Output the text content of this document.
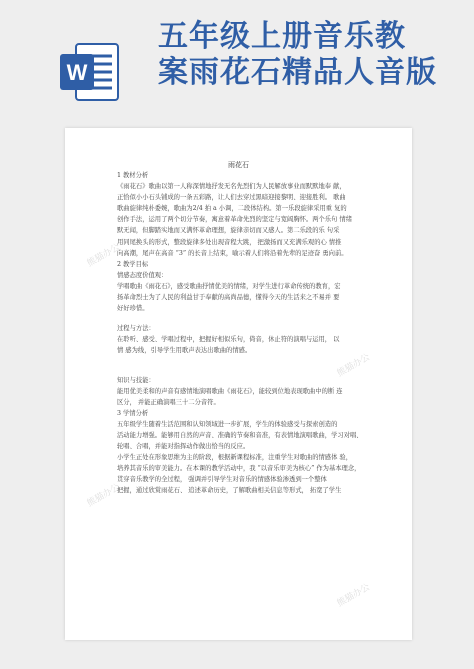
W
五年级上册音乐教
案雨花石精品人音版
雨花石

1 教材分析

《雨花石》歌曲以第一人称深情地抒发无名先烈们为人民解放事业而默默地奉 献，

正恰似小小石头铺成的一条五彩路，让人们去穿过黑暗迎接黎明、迎接胜利。 歌曲

歌曲旋律纯朴委婉，歌曲为2/4 拍 a 小调，二段体结构。第一乐段旋律采用重 复的

创作手法，运用了两个切分节奏，寓意着革命先烈的坚定与宽阔胸怀。两个乐句 情绪

默无闻，但脚踏实地而又满怀革命理想，旋律亲切而又感人。第二乐段的乐 句采

用同尾换头的形式，整段旋律多处出现音程大跳， 把激扬而又充满乐观的心 情推

向高潮，尾声在高音 “3” 的长音上结束，喻示着人们将沿着先辈的足迹奋 勇向前。

2 教学目标

情感态度价值观：

学唱歌曲《雨花石》，感受歌曲抒情优美的情绪，对学生进行革命传统的教育，宏

扬革命烈士为了人民的利益甘于奉献的高尚品德，懂得今天的生活来之不易并 要

好好珍惜。

过程与方法：

在聆听、感受、学唱过程中，把握好相似乐句，倚音，休止符的演唱与运用， 以

情 感为线，引导学生用歌声表达出歌曲的情感。

知识与技能：

能用优美柔和的声音有感情地演唱歌曲《雨花石》，能较到位地表现歌曲中的断 连

区分， 并能正确演唱三十二分音符。

3 学情分析

五年级学生随着生活范围和认知领域进一步扩展，学生的体验感受与探索创造的

活动能力增强。能够用自然的声音、准确的节奏和音准，有表情地演唱歌曲，学习对唱、

轮唱、合唱，并能对指挥动作做出恰当的反应。

小学生正处在形象思维为主的阶段，根据新课程标准，注重学生对歌曲的情感体 验，

培养其音乐的审美能力。在本课的教学活动中，我 “以音乐审美为核心” 作为基本理念，

贯穿音乐教学的全过程， 强调并引导学生对音乐的情感体验渗透到一个整体

把握，通过欣赏雨花石、 追述革命历史，了解歌曲相关信息等形式， 拓宽了学生

熊猫办公
熊猫办公
熊猫办公
熊猫办公
